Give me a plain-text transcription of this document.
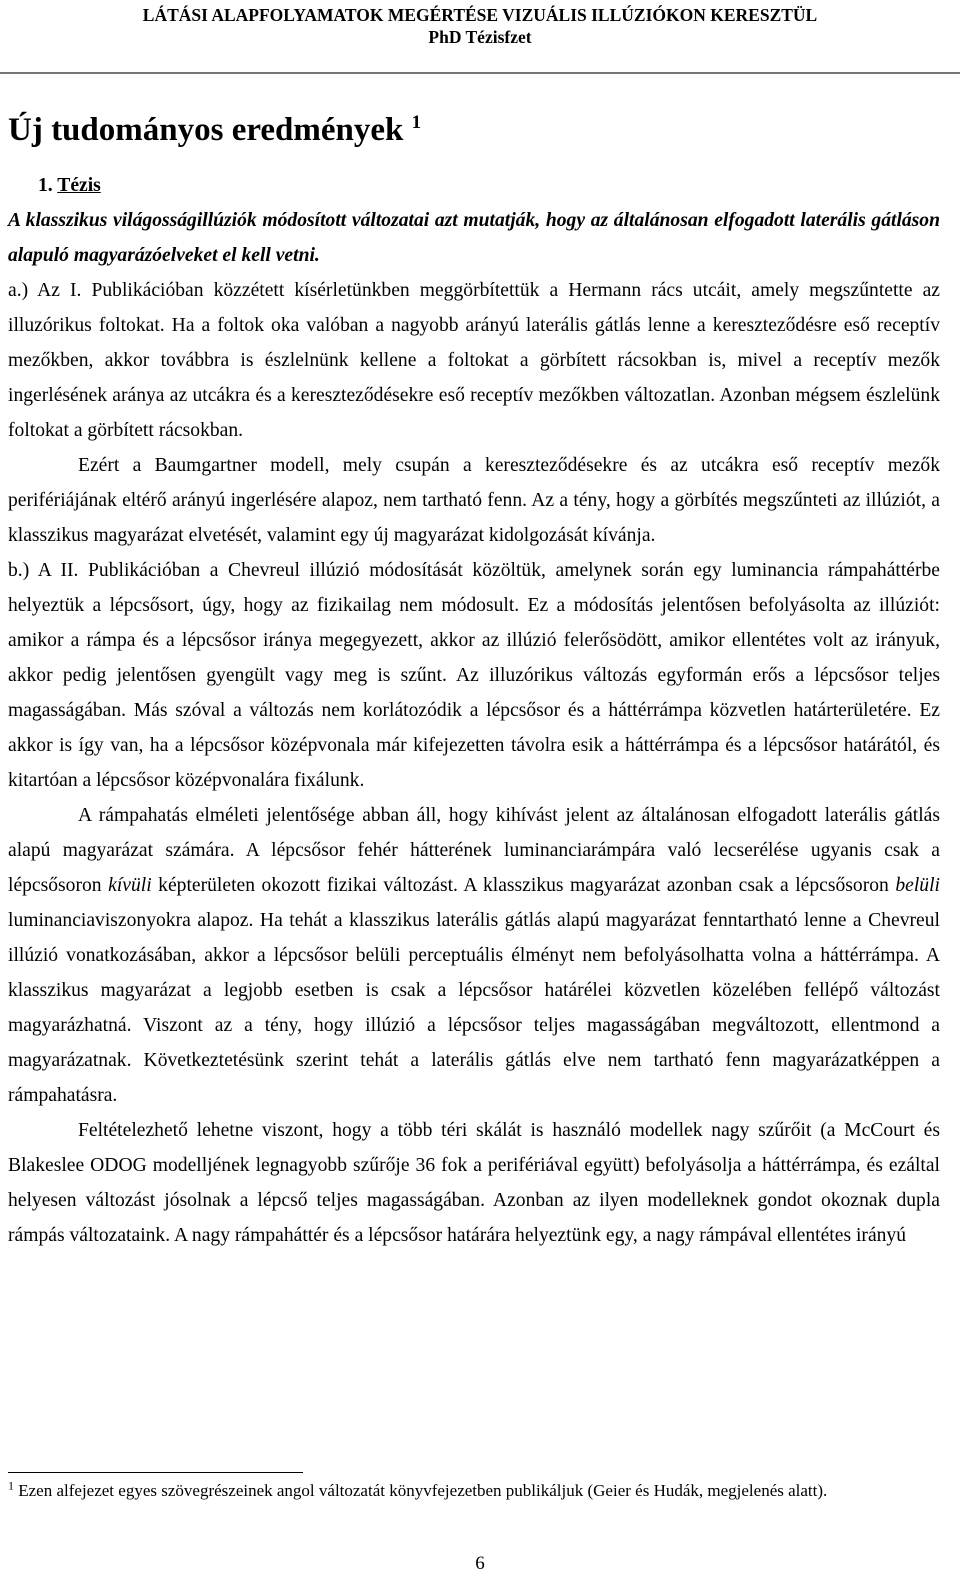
LÁTÁSI ALAPFOLYAMATOK MEGÉRTÉSE VIZUÁLIS ILLÚZIÓKON KERESZTÜL
PhD Tézisfzet
Új tudományos eredmények $^1$

1. Tézis

A klasszikus világosságillúziók módosított változatai azt mutatják, hogy az általánosan elfogadott laterális gátláson alapuló magyarázóelveket el kell vetni.

a.) Az I. Publikációban közzétett kísérletünkben meggörbítettük a Hermann rács utcáit, amely megszűntette az illuzórikus foltokat. Ha a foltok oka valóban a nagyobb arányú laterális gátlás lenne a kereszteződésre eső receptív mezőkben, akkor továbbra is észlelnünk kellene a foltokat a görbített rácsokban is, mivel a receptív mezők ingerlésének aránya az utcákra és a kereszteződésekre eső receptív mezőkben változatlan. Azonban mégsem észlelünk foltokat a görbített rácsokban.

Ezért a Baumgartner modell, mely csupán a kereszteződésekre és az utcákra eső receptív mezők perifériájának eltérő arányú ingerlésére alapoz, nem tartható fenn. Az a tény, hogy a görbítés megszűnteti az illúziót, a klasszikus magyarázat elvetését, valamint egy új magyarázat kidolgozását kívánja.

b.) A II. Publikációban a Chevreul illúzió módosítását közöltük, amelynek során egy luminancia rámpaháttérbe helyeztük a lépcsősort, úgy, hogy az fizikailag nem módosult. Ez a módosítás jelentősen befolyásolta az illúziót: amikor a rámpa és a lépcsősor iránya megegyezett, akkor az illúzió felerősödött, amikor ellentétes volt az irányuk, akkor pedig jelentősen gyengült vagy meg is szűnt. Az illuzórikus változás egyformán erős a lépcsősor teljes magasságában. Más szóval a változás nem korlátozódik a lépcsősor és a háttérrámpa közvetlen határterületére. Ez akkor is így van, ha a lépcsősor középvonala már kifejezetten távolra esik a háttérrámpa és a lépcsősor határától, és kitartóan a lépcsősor középvonalára fixálunk.

A rámpahatás elméleti jelentősége abban áll, hogy kihívást jelent az általánosan elfogadott laterális gátlás alapú magyarázat számára. A lépcsősor fehér hátterének luminanciarámpára való lecserélése ugyanis csak a lépcsősoron kívüli képterületen okozott fizikai változást. A klasszikus magyarázat azonban csak a lépcsősoron belüli luminanciaviszonyokra alapoz. Ha tehát a klasszikus laterális gátlás alapú magyarázat fenntartható lenne a Chevreul illúzió vonatkozásában, akkor a lépcsősor belüli perceptuális élményt nem befolyásolhatta volna a háttérrámpa. A klasszikus magyarázat a legjobb esetben is csak a lépcsősor határélei közvetlen közelében fellépő változást magyarázhatná. Viszont az a tény, hogy illúzió a lépcsősor teljes magasságában megváltozott, ellentmond a magyarázatnak. Következtetésünk szerint tehát a laterális gátlás elve nem tartható fenn magyarázatképpen a rámpahatásra.

Feltételezhető lehetne viszont, hogy a több téri skálát is használó modellek nagy szűrőit (a McCourt és Blakeslee ODOG modelljének legnagyobb szűrője 36 fok a perifériával együtt) befolyásolja a háttérrámpa, és ezáltal helyesen változást jósolnak a lépcső teljes magasságában. Azonban az ilyen modelleknek gondot okoznak dupla rámpás változataink. A nagy rámpaháttér és a lépcsősor határára helyeztünk egy, a nagy rámpával ellentétes irányú

$^1$ Ezen alfejezet egyes szövegrészeinek angol változatát könyvfejezetben publikáljuk (Geier és Hudák, megjelenés alatt).
6
